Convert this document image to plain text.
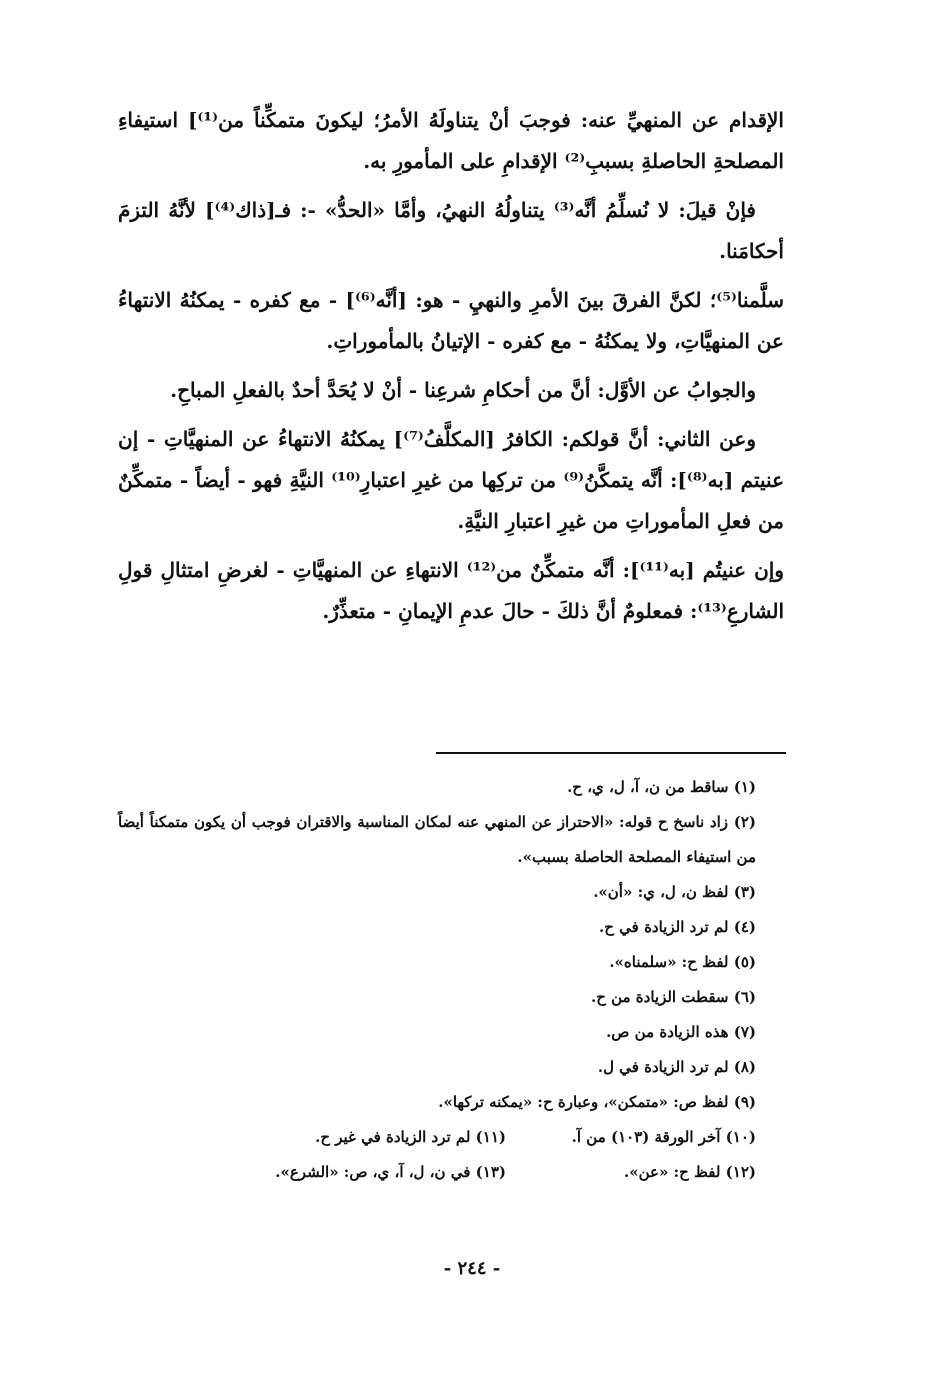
الإقدام عن المنهيِّ عنه: فوجبَ أنْ يتناولَهُ الأمرُ؛ ليكونَ متمكِّناً من⁽¹⁾] استيفاءِ المصلحةِ الحاصلةِ بسببِ⁽²⁾ الإقدامِ على المأمورِ به.

فإنْ قيلَ: لا نُسلِّمُ أنَّه⁽³⁾ يتناولُهُ النهيُ، وأمَّا «الحدُّ» -: فـ[ذاك⁽⁴⁾] لأنَّهُ التزمَ أحكامَنا.

سلَّمنا⁽⁵⁾؛ لكنَّ الفرقَ بينَ الأمرِ والنهيِ - هو: [أنَّه⁽⁶⁾] - مع كفره - يمكنُهُ الانتهاءُ عن المنهيَّاتِ، ولا يمكنُهُ - مع كفره - الإتيانُ بالمأموراتِ.

والجوابُ عن الأوَّل: أنَّ من أحكامِ شرعِنا - أنْ لا يُحَدَّ أحدٌ بالفعلِ المباحِ.

وعن الثاني: أنَّ قولكم: الكافرُ [المكلَّفُ⁽⁷⁾] يمكنُهُ الانتهاءُ عن المنهيَّاتِ - إن عنيتم [به⁽⁸⁾]: أنَّه يتمكَّنُ⁽⁹⁾ من تركِها من غيرِ اعتبارِ⁽¹⁰⁾ النيَّةِ فهو - أيضاً - متمكِّنٌ من فعلِ المأموراتِ من غيرِ اعتبارِ النيَّةِ.

وإن عنيتُم [به⁽¹¹⁾]: أنَّه متمكِّنٌ من⁽¹²⁾ الانتهاءِ عن المنهيَّاتِ - لغرضِ امتثالِ قولِ الشارعِ⁽¹³⁾: فمعلومٌ أنَّ ذلكَ - حالَ عدمِ الإيمانِ - متعذِّرٌ.

(١) ساقط من ن، آ، ل، ي، ح.
(٢) زاد ناسخ ح قوله: «الاحتراز عن المنهي عنه لمكان المناسبة والاقتران فوجب أن يكون متمكناً أيضاً من استيفاء المصلحة الحاصلة بسبب».
(٣) لفظ ن، ل، ي: «أن».
(٤) لم ترد الزيادة في ح.
(٥) لفظ ح: «سلمناه».
(٦) سقطت الزيادة من ح.
(٧) هذه الزيادة من ص.
(٨) لم ترد الزيادة في ل.
(٩) لفظ ص: «متمكن»، وعبارة ح: «يمكنه تركها».
(١٠) آخر الورقة (١٠٣) من آ.
(١١) لم ترد الزيادة في غير ح.
(١٢) لفظ ح: «عن».
(١٣) في ن، ل، آ، ي، ص: «الشرع».
- ٢٤٤ -
